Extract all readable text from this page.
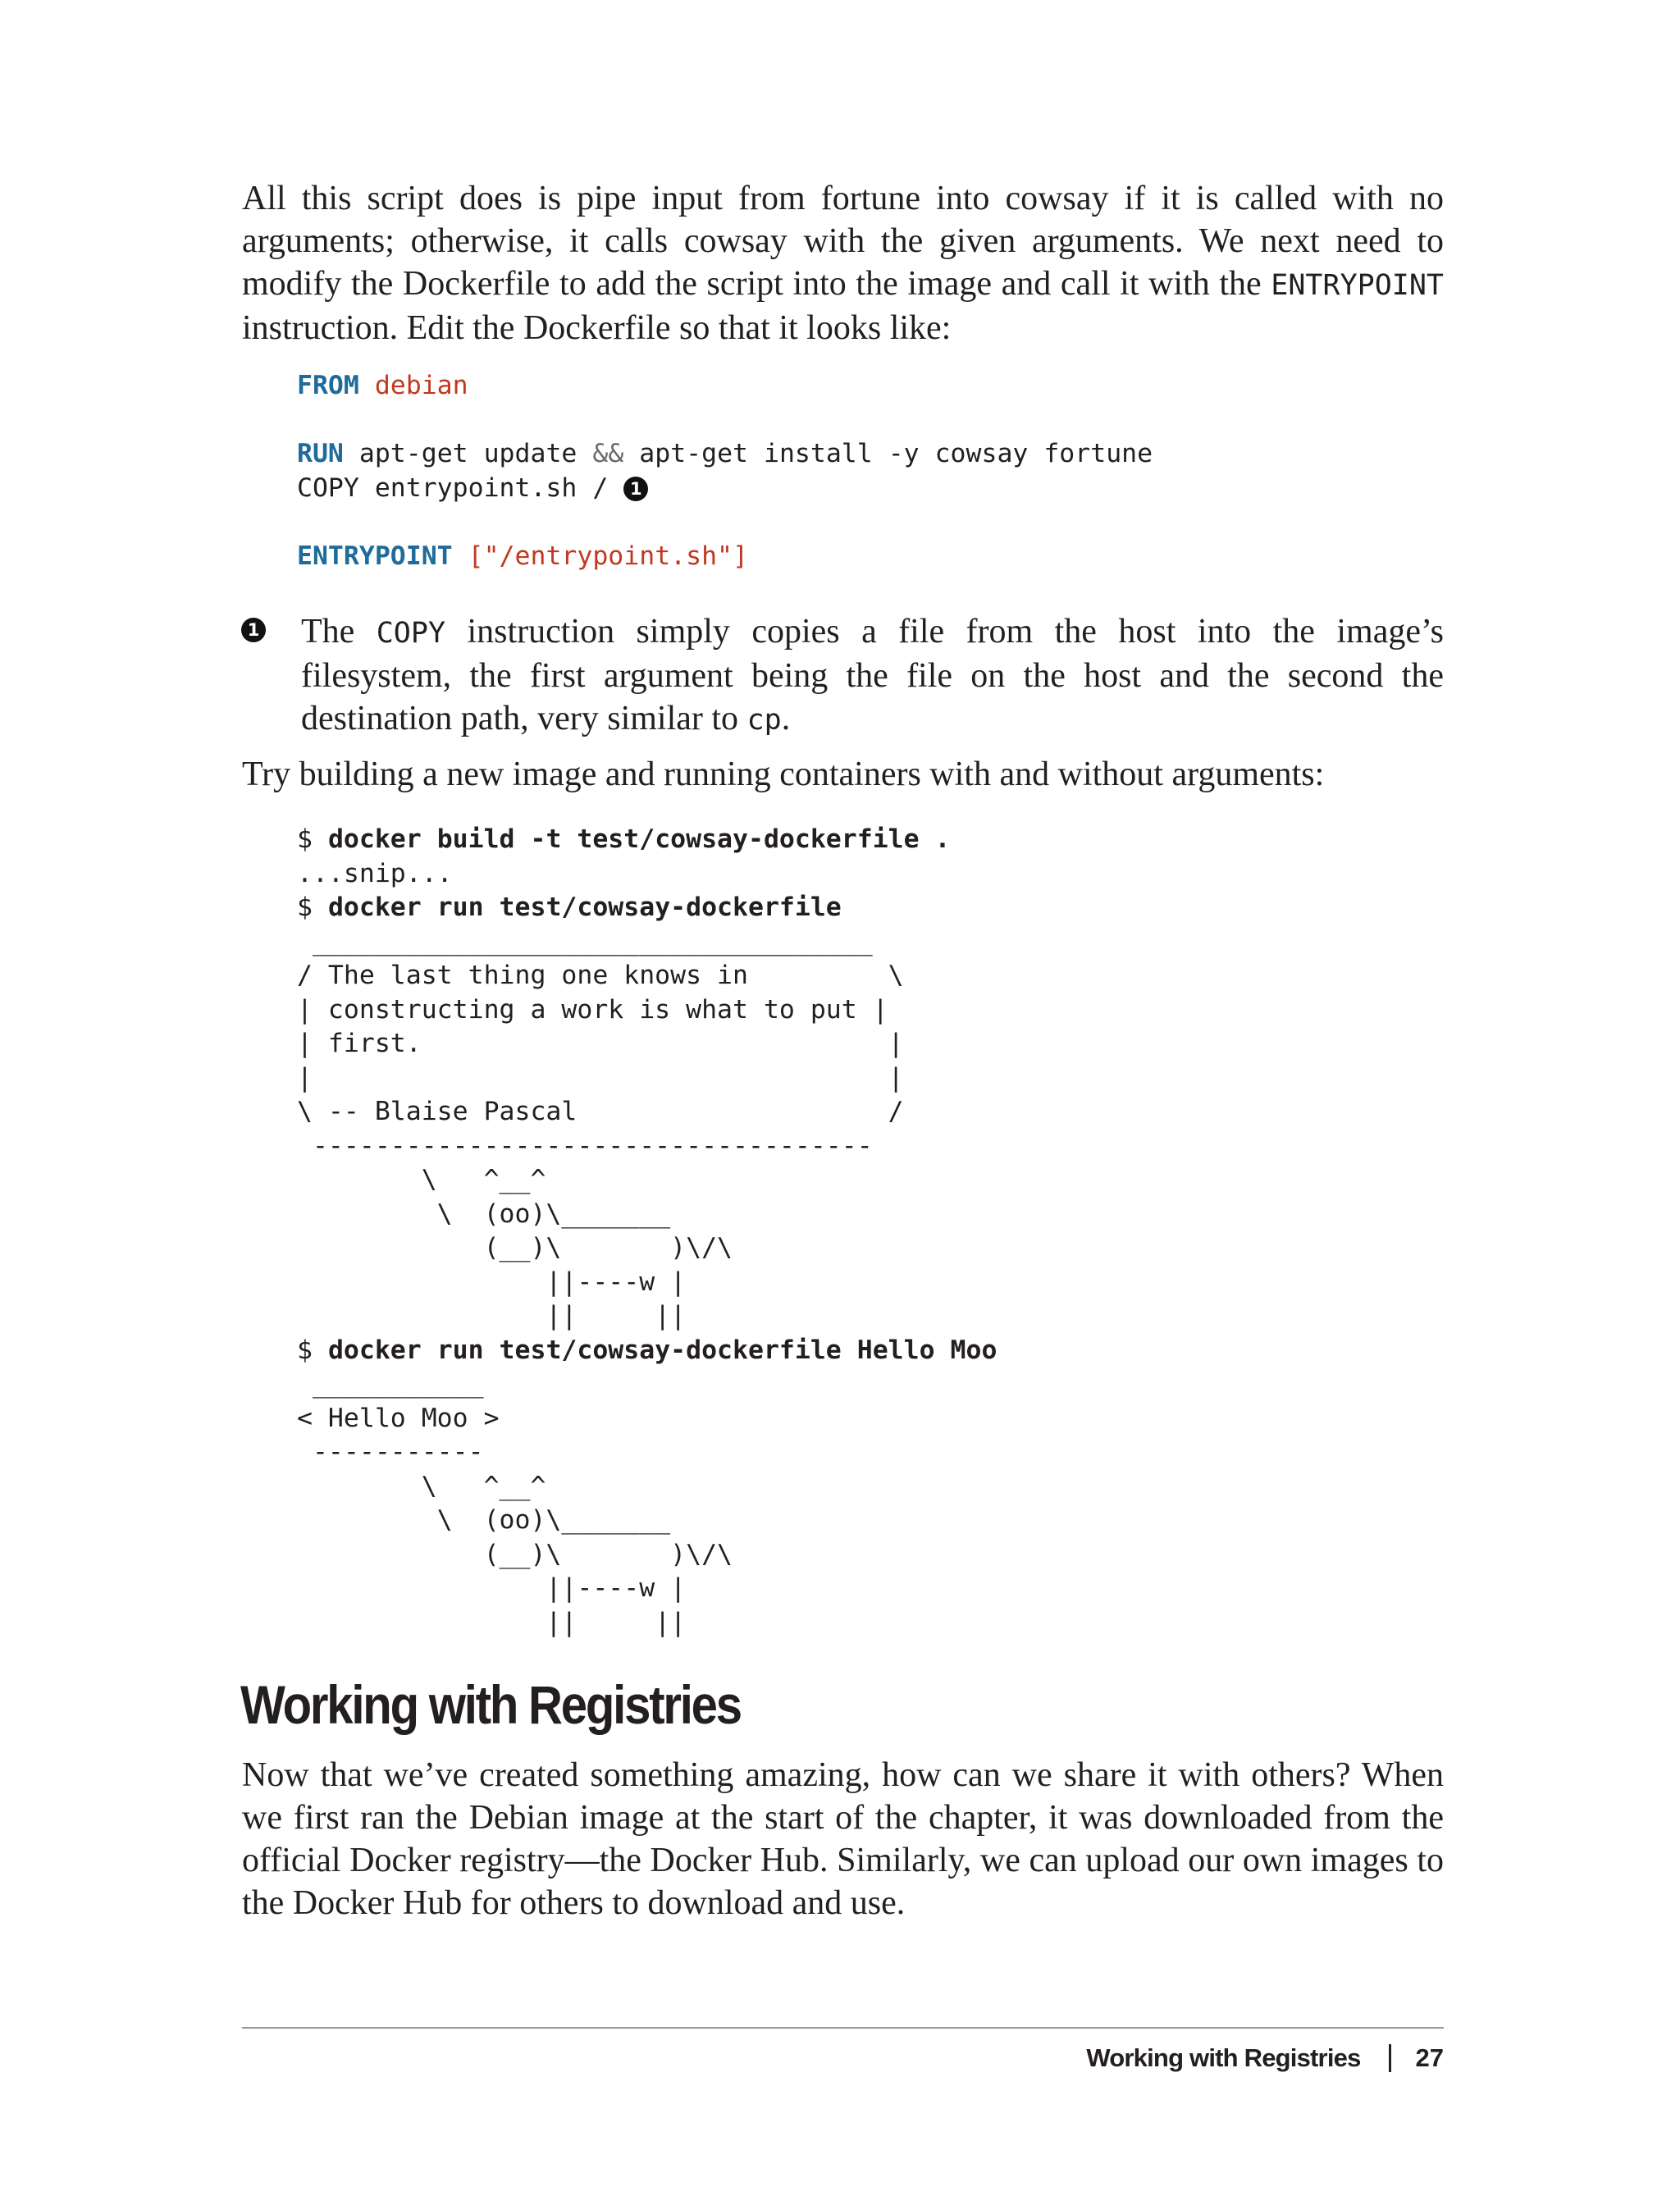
All this script does is pipe input from fortune into cowsay if it is called with no arguments; otherwise, it calls cowsay with the given arguments. We next need to modify the Dockerfile to add the script into the image and call it with the ENTRYPOINT instruction. Edit the Dockerfile so that it looks like:

FROM debian

RUN apt-get update && apt-get install -y cowsay fortune
COPY entrypoint.sh / 1

ENTRYPOINT ["/entrypoint.sh"]
1 The COPY instruction simply copies a file from the host into the image’s filesystem, the first argument being the file on the host and the second the destination path, very similar to cp.

Try building a new image and running containers with and without arguments:

$ docker build -t test/cowsay-dockerfile .
...snip...
$ docker run test/cowsay-dockerfile
____________________________________
/ The last thing one knows in         \
| constructing a work is what to put |
| first.                              |
|                                     |
\ -- Blaise Pascal                    /
------------------------------------
\   ^__^
\  (oo)\_______
(__)\       )\/\
||----w |
||     ||
$ docker run test/cowsay-dockerfile Hello Moo
___________
< Hello Moo >
-----------
\   ^__^
\  (oo)\_______
(__)\       )\/\
||----w |
||     ||
Working with Registries

Now that we’ve created something amazing, how can we share it with others? When we first ran the Debian image at the start of the chapter, it was downloaded from the official Docker registry—the Docker Hub. Similarly, we can upload our own images to the Docker Hub for others to download and use.

Working with Registries 27
